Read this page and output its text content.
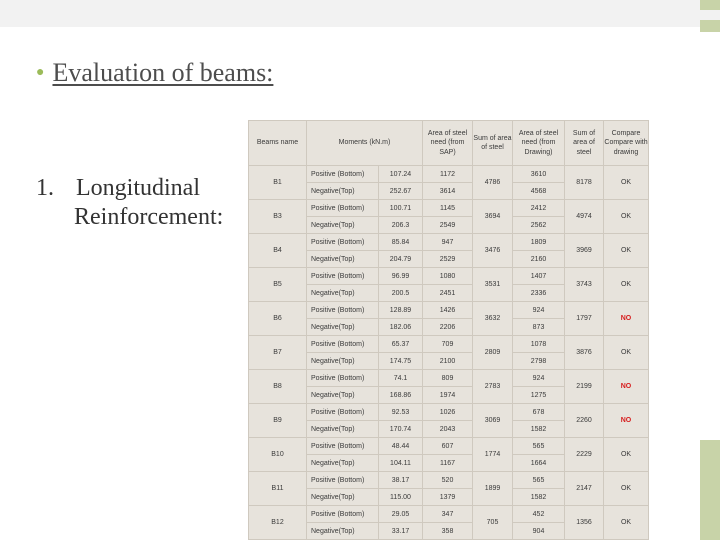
● Evaluation of beams:
1. Longitudinal
Reinforcement:
Beams name	Moments (kN.m)		Area of steel need (from SAP)	Sum of area of steel	Area of steel need (from Drawing)	Sum of area of steel	Compare Compare with drawing
B1	Positive (Bottom)	107.24	1172	4786	3610	8178	OK
	Negative(Top)	252.67	3614		4568		
B3	Positive (Bottom)	100.71	1145	3694	2412	4974	OK
	Negative(Top)	206.3	2549		2562		
B4	Positive (Bottom)	85.84	947	3476	1809	3969	OK
	Negative(Top)	204.79	2529		2160		
B5	Positive (Bottom)	96.99	1080	3531	1407	3743	OK
	Negative(Top)	200.5	2451		2336		
B6	Positive (Bottom)	128.89	1426	3632	924	1797	NO
	Negative(Top)	182.06	2206		873		
B7	Positive (Bottom)	65.37	709	2809	1078	3876	OK
	Negative(Top)	174.75	2100		2798		
B8	Positive (Bottom)	74.1	809	2783	924	2199	NO
	Negative(Top)	168.86	1974		1275		
B9	Positive (Bottom)	92.53	1026	3069	678	2260	NO
	Negative(Top)	170.74	2043		1582		
B10	Positive (Bottom)	48.44	607	1774	565	2229	OK
	Negative(Top)	104.11	1167		1664		
B11	Positive (Bottom)	38.17	520	1899	565	2147	OK
	Negative(Top)	115.00	1379		1582		
B12	Positive (Bottom)	29.05	347	705	452	1356	OK
	Negative(Top)	33.17	358		904		
